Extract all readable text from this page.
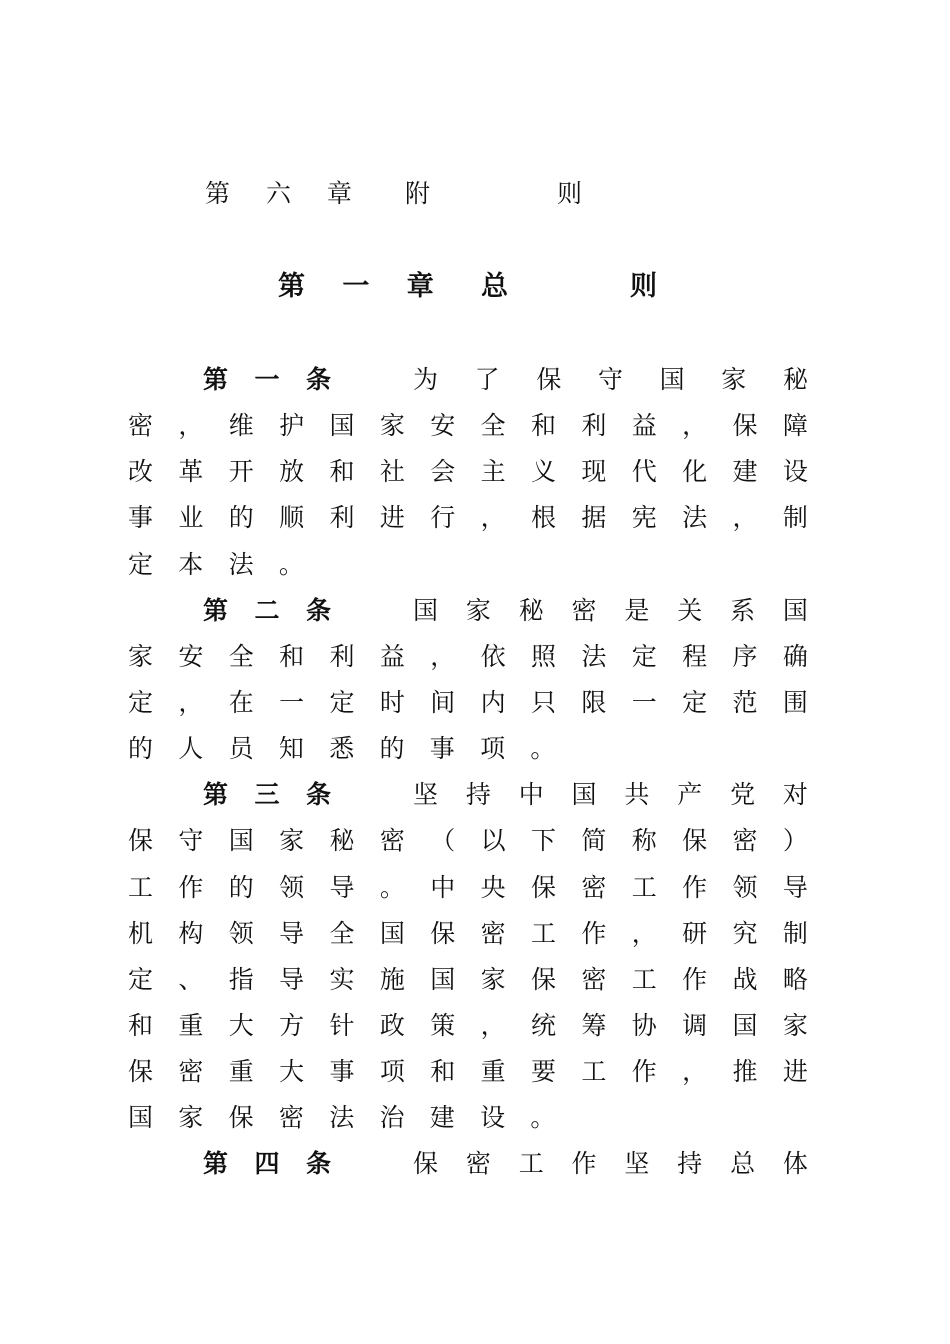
第 六 章 附	则
第 一 章 总	则
第一条	为 了 保 守 国 家 秘
密 ， 维 护 国 家 安 全 和 利 益 ， 保 障
改 革 开 放 和 社 会 主 义 现 代 化 建 设
事 业 的 顺 利 进 行 ， 根 据 宪 法 ， 制
定本法。
第二条	国 家 秘 密 是 关 系 国
家 安 全 和 利 益 ， 依 照 法 定 程 序 确
定 ， 在 一 定 时 间 内 只 限 一 定 范 围
的人员知悉的事项。
第三条	坚 持 中 国 共 产 党 对
保 守 国 家 秘 密 （ 以 下 简 称 保 密 ）
工 作 的 领 导 。 中 央 保 密 工 作 领 导
机 构 领 导 全 国 保 密 工 作 ， 研 究 制
定 、 指 导 实 施 国 家 保 密 工 作 战 略
和 重 大 方 针 政 策 ， 统 筹 协 调 国 家
保 密 重 大 事 项 和 重 要 工 作 ， 推 进
国家保密法治建设。
第四条	保 密 工 作 坚 持 总 体
